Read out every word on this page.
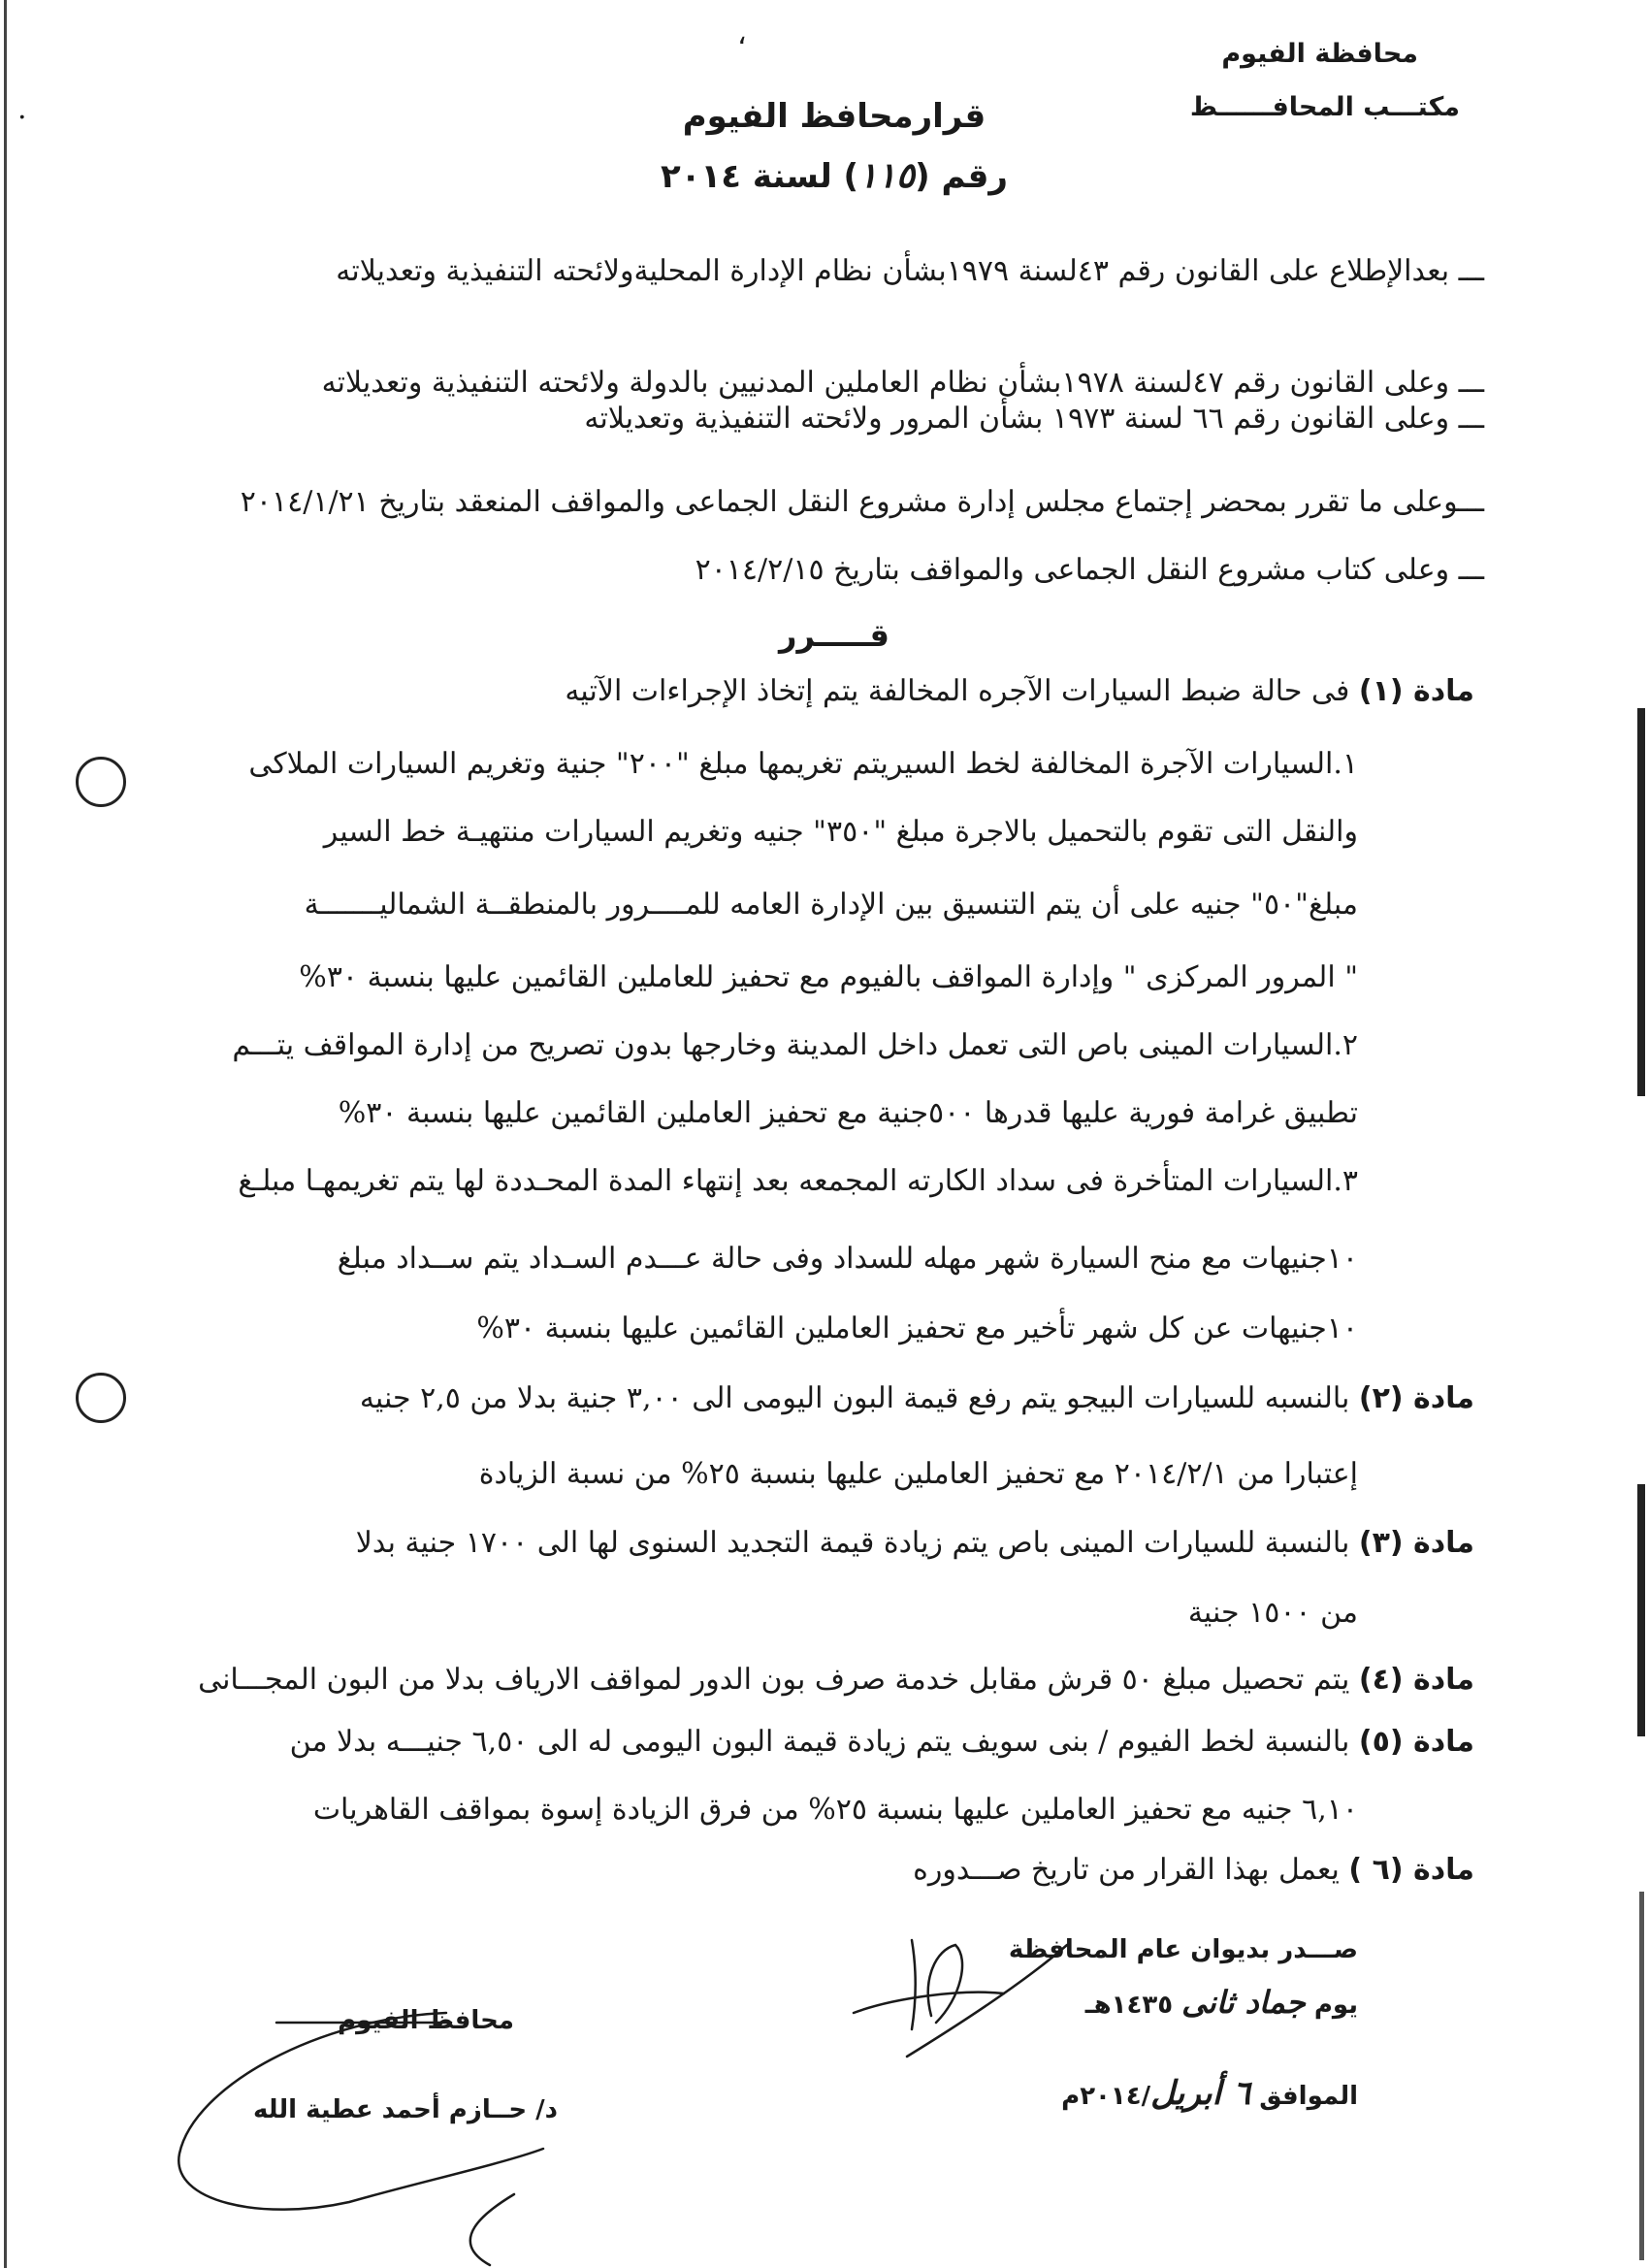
،
.
محافظة الفيوم
مكتـــب المحافــــــظ
قرارمحافظ الفيوم
رقم (١١٥) لسنة ٢٠١٤
ـــ بعدالإطلاع على القانون رقم ٤٣لسنة ١٩٧٩بشأن نظام الإدارة المحليةولائحته التنفيذية وتعديلاته
ـــ وعلى القانون رقم ٤٧لسنة ١٩٧٨بشأن نظام العاملين المدنيين بالدولة ولائحته التنفيذية وتعديلاته
ـــ وعلى القانون رقم ٦٦ لسنة ١٩٧٣ بشأن المرور ولائحته التنفيذية وتعديلاته
ـــوعلى ما تقرر بمحضر إجتماع مجلس إدارة مشروع النقل الجماعى والمواقف المنعقد بتاريخ ٢٠١٤/١/٢١
ـــ وعلى كتاب مشروع النقل الجماعى والمواقف بتاريخ ٢٠١٤/٢/١٥
قـــــرر
مادة (١) فى حالة ضبط السيارات الآجره المخالفة يتم إتخاذ الإجراءات الآتيه
١.السيارات الآجرة المخالفة لخط السيريتم تغريمها مبلغ "٢٠٠" جنية وتغريم السيارات الملاكى
والنقل التى تقوم بالتحميل بالاجرة مبلغ "٣٥٠" جنيه وتغريم السيارات منتهيـة خط السير
مبلغ"٥٠" جنيه على أن يتم التنسيق بين الإدارة العامه للمــــرور بالمنطقــة الشماليـــــــة
" المرور المركزى " وإدارة المواقف بالفيوم مع تحفيز للعاملين القائمين عليها بنسبة ٣٠%
٢.السيارات المينى باص التى تعمل داخل المدينة وخارجها بدون تصريح من إدارة المواقف يتـــم
تطبيق غرامة فورية عليها قدرها ٥٠٠جنية مع تحفيز العاملين القائمين عليها بنسبة ٣٠%
٣.السيارات المتأخرة فى سداد الكارته المجمعه بعد إنتهاء المدة المحـددة لها يتم تغريمهـا مبلـغ
١٠جنيهات مع منح السيارة شهر مهله للسداد وفى حالة عـــدم السـداد يتم ســداد مبلغ
١٠جنيهات عن كل شهر تأخير مع تحفيز العاملين القائمين عليها بنسبة ٣٠%
مادة (٢) بالنسبه للسيارات البيجو يتم رفع قيمة البون اليومى الى ٣,٠٠ جنية بدلا من ٢,٥ جنيه
إعتبارا من ٢٠١٤/٢/١ مع تحفيز العاملين عليها بنسبة ٢٥% من نسبة الزيادة
مادة (٣) بالنسبة للسيارات المينى باص يتم زيادة قيمة التجديد السنوى لها الى ١٧٠٠ جنية بدلا
من ١٥٠٠ جنية
مادة (٤) يتم تحصيل مبلغ ٥٠ قرش مقابل خدمة صرف بون الدور لمواقف الارياف بدلا من البون المجـــانى
مادة (٥) بالنسبة لخط الفيوم / بنى سويف يتم زيادة قيمة البون اليومى له الى ٦,٥٠ جنيـــه بدلا من
٦,١٠ جنيه مع تحفيز العاملين عليها بنسبة ٢٥% من فرق الزيادة إسوة بمواقف القاهريات
مادة (٦ ) يعمل بهذا القرار من تاريخ صـــدوره
صـــدر بديوان عام المحافظة
يوم جماد ثانى ١٤٣٥هـ
الموافق ٦ أبريل/٢٠١٤م
محافظ الفيوم
د/ حــازم أحمد عطية الله
